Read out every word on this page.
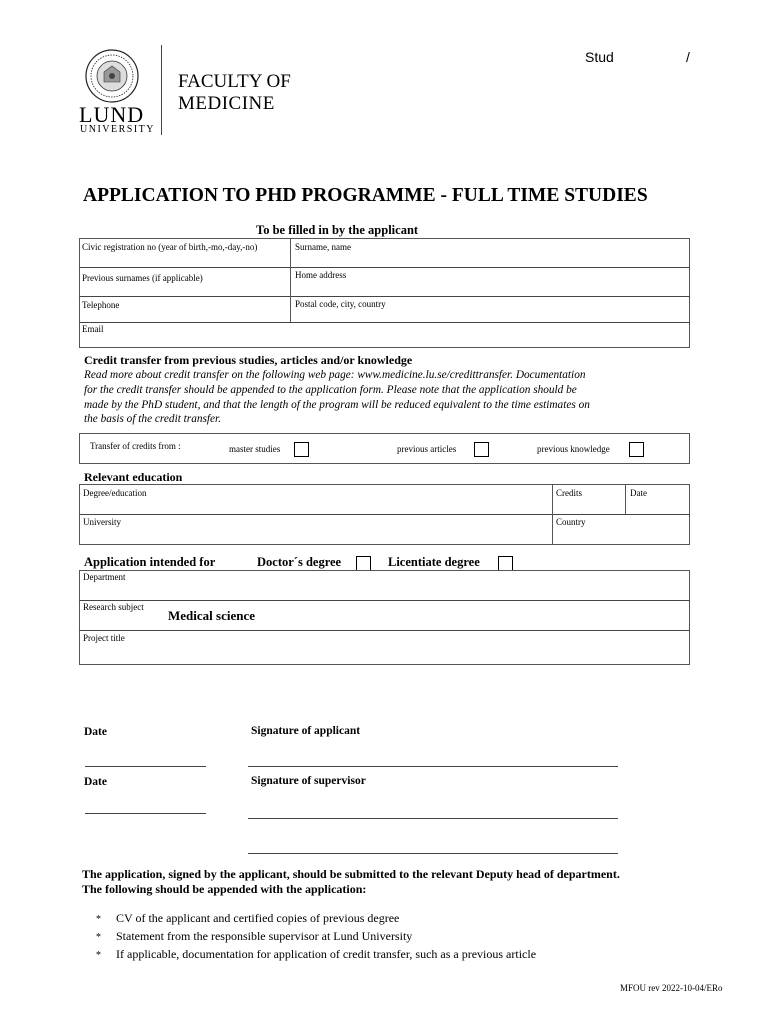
LUND
UNIVERSITY
FACULTY OF
MEDICINE
Stud	/
APPLICATION TO PHD PROGRAMME - FULL TIME STUDIES
To be filled in by the applicant
Civic registration no (year of birth,-mo,-day,-no)	Surname, name
Previous surnames (if applicable)	Home address
Telephone	Postal code, city, country
Email
Credit transfer from previous studies, articles and/or knowledge
Read more about credit transfer on the following web page: www.medicine.lu.se/credittransfer. Documentation
for the credit transfer should be appended to the application form. Please note that the application should be
made by the PhD student, and that the length of the program will be reduced equivalent to the time estimates on
the basis of the credit transfer.
Transfer of credits from :	master studies	previous articles	previous knowledge
Relevant education
Degree/education	Credits	Date
University	Country
Application intended for	Doctor´s degree	Licentiate degree
Department
Research subject
Medical science
Project title
Date	Signature of applicant
Date	Signature of supervisor
The application, signed by the applicant, should be submitted to the relevant Deputy head of department.
The following should be appended with the application:
* CV of the applicant and certified copies of previous degree
* Statement from the responsible supervisor at Lund University
* If applicable, documentation for application of credit transfer, such as a previous article
MFOU rev 2022-10-04/ERo
